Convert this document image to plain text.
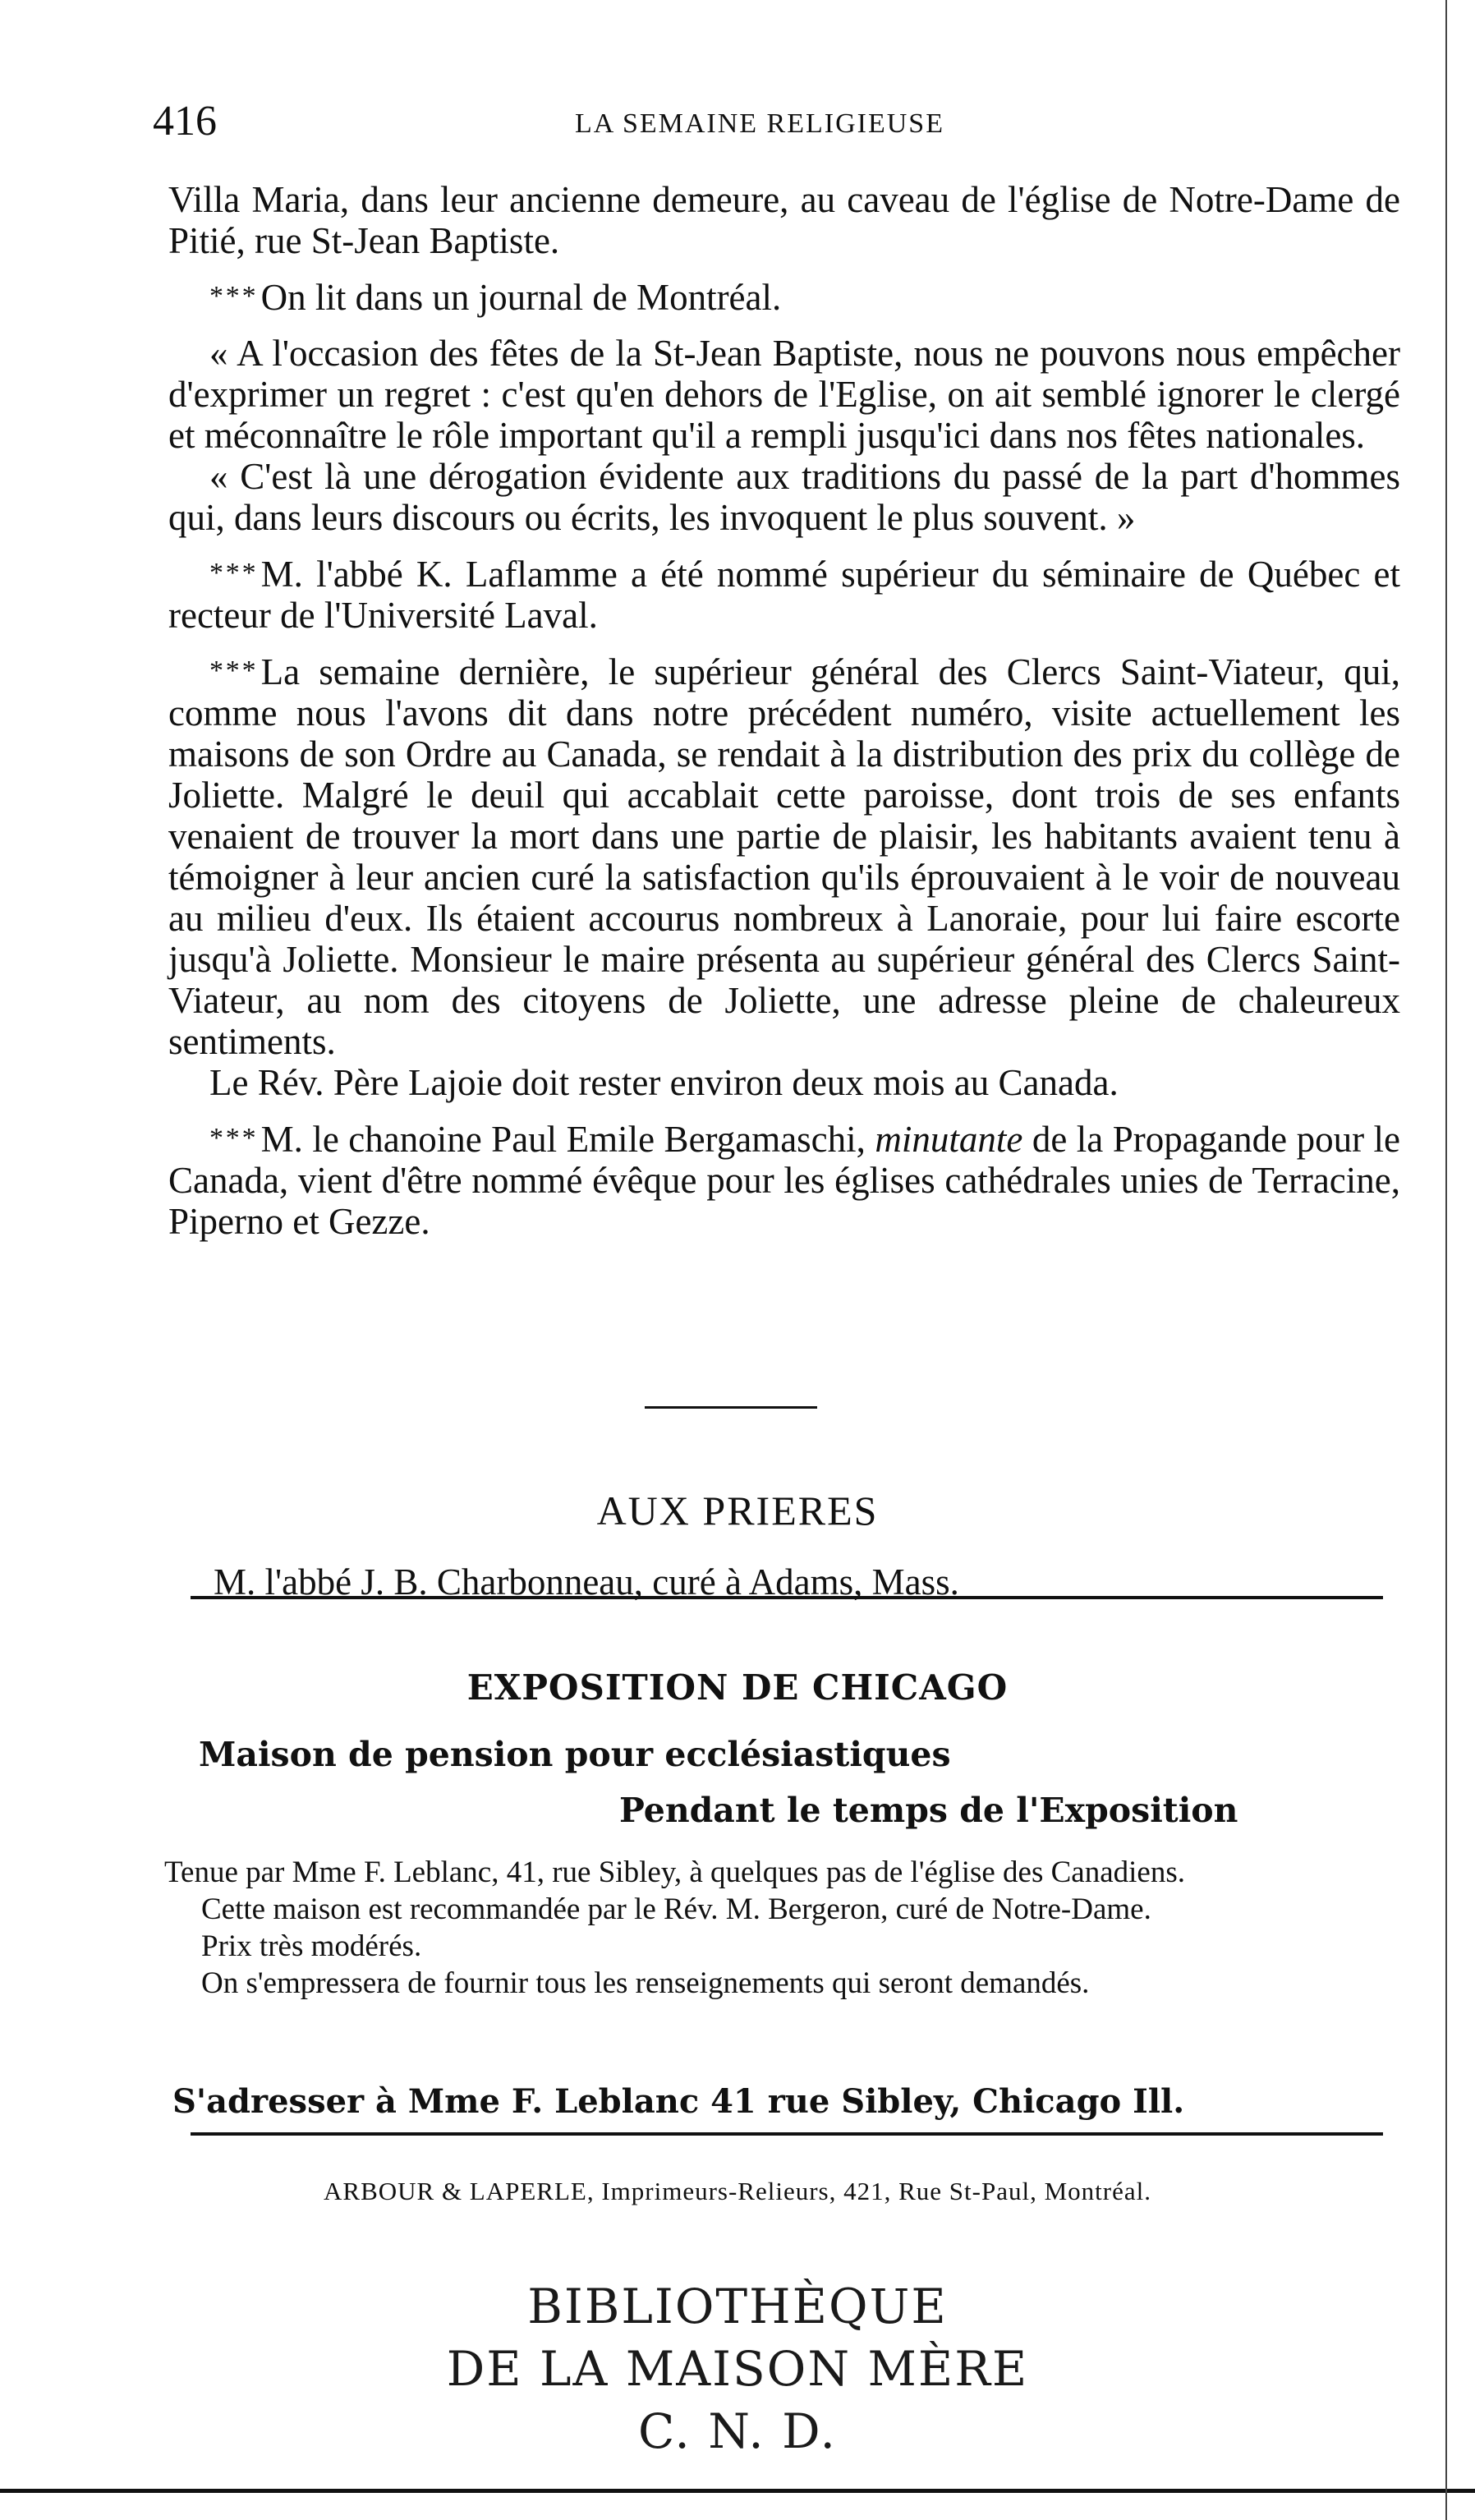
416	LA SEMAINE RELIGIEUSE

Villa Maria, dans leur ancienne demeure, au caveau de l'église de Notre-Dame de Pitié, rue St-Jean Baptiste.

* * * On lit dans un journal de Montréal.

« A l'occasion des fêtes de la St-Jean Baptiste, nous ne pouvons nous empêcher d'exprimer un regret : c'est qu'en dehors de l'Eglise, on ait semblé ignorer le clergé et méconnaître le rôle important qu'il a rempli jusqu'ici dans nos fêtes nationales.

« C'est là une dérogation évidente aux traditions du passé de la part d'hommes qui, dans leurs discours ou écrits, les invoquent le plus souvent. »

* * * M. l'abbé K. Laflamme a été nommé supérieur du séminaire de Québec et recteur de l'Université Laval.

* * * La semaine dernière, le supérieur général des Clercs Saint-Viateur, qui, comme nous l'avons dit dans notre précédent numéro, visite actuellement les maisons de son Ordre au Canada, se rendait à la distribution des prix du collège de Joliette. Malgré le deuil qui accablait cette paroisse, dont trois de ses enfants venaient de trouver la mort dans une partie de plaisir, les habitants avaient tenu à témoigner à leur ancien curé la satisfaction qu'ils éprouvaient à le voir de nouveau au milieu d'eux. Ils étaient accourus nombreux à Lanoraie, pour lui faire escorte jusqu'à Joliette. Monsieur le maire présenta au supérieur général des Clercs Saint-Viateur, au nom des citoyens de Joliette, une adresse pleine de chaleureux sentiments.

Le Rév. Père Lajoie doit rester environ deux mois au Canada.

* * * M. le chanoine Paul Emile Bergamaschi, minutante de la Propagande pour le Canada, vient d'être nommé évêque pour les églises cathédrales unies de Terracine, Piperno et Gezze.

AUX PRIERES
M. l'abbé J. B. Charbonneau, curé à Adams, Mass.
EXPOSITION DE CHICAGO
Maison de pension pour ecclésiastiques
Pendant le temps de l'Exposition

Tenue par Mme F. Leblanc, 41, rue Sibley, à quelques pas de l'église des Canadiens.

Cette maison est recommandée par le Rév. M. Bergeron, curé de Notre-Dame.

Prix très modérés.

On s'empressera de fournir tous les renseignements qui seront demandés.

S'adresser à Mme F. Leblanc 41 rue Sibley, Chicago Ill.
ARBOUR & LAPERLE, Imprimeurs-Relieurs, 421, Rue St-Paul, Montréal.
BIBLIOTHÈQUE
DE LA MAISON MÈRE
C. N. D.
